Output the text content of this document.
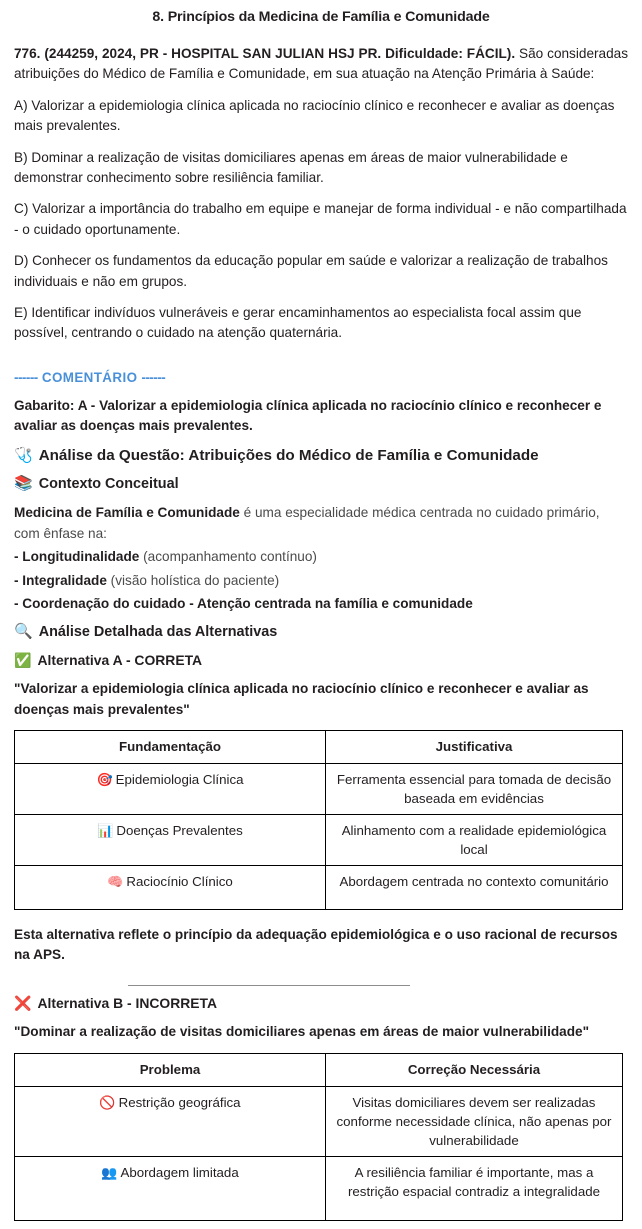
8. Princípios da Medicina de Família e Comunidade
776. (244259, 2024, PR - HOSPITAL SAN JULIAN HSJ PR. Dificuldade: FÁCIL). São consideradas atribuições do Médico de Família e Comunidade, em sua atuação na Atenção Primária à Saúde:
A) Valorizar a epidemiologia clínica aplicada no raciocínio clínico e reconhecer e avaliar as doenças mais prevalentes.
B) Dominar a realização de visitas domiciliares apenas em áreas de maior vulnerabilidade e demonstrar conhecimento sobre resiliência familiar.
C) Valorizar a importância do trabalho em equipe e manejar de forma individual - e não compartilhada - o cuidado oportunamente.
D) Conhecer os fundamentos da educação popular em saúde e valorizar a realização de trabalhos individuais e não em grupos.
E) Identificar indivíduos vulneráveis e gerar encaminhamentos ao especialista focal assim que possível, centrando o cuidado na atenção quaternária.
------ COMENTÁRIO ------
Gabarito: A - Valorizar a epidemiologia clínica aplicada no raciocínio clínico e reconhecer e avaliar as doenças mais prevalentes.
🩺 Análise da Questão: Atribuições do Médico de Família e Comunidade
📚 Contexto Conceitual
Medicina de Família e Comunidade é uma especialidade médica centrada no cuidado primário, com ênfase na:
- Longitudinalidade (acompanhamento contínuo)
- Integralidade (visão holística do paciente)
- Coordenação do cuidado - Atenção centrada na família e comunidade
🔍 Análise Detalhada das Alternativas
✅ Alternativa A - CORRETA
"Valorizar a epidemiologia clínica aplicada no raciocínio clínico e reconhecer e avaliar as doenças mais prevalentes"
Fundamentação	Justificativa
🎯 Epidemiologia Clínica	Ferramenta essencial para tomada de decisão baseada em evidências
📊 Doenças Prevalentes	Alinhamento com a realidade epidemiológica local
🧠 Raciocínio Clínico	Abordagem centrada no contexto comunitário
Esta alternativa reflete o princípio da adequação epidemiológica e o uso racional de recursos na APS.
❌ Alternativa B - INCORRETA
"Dominar a realização de visitas domiciliares apenas em áreas de maior vulnerabilidade"
Problema	Correção Necessária
🚫 Restrição geográfica	Visitas domiciliares devem ser realizadas conforme necessidade clínica, não apenas por vulnerabilidade
👥 Abordagem limitada	A resiliência familiar é importante, mas a restrição espacial contradiz a integralidade
